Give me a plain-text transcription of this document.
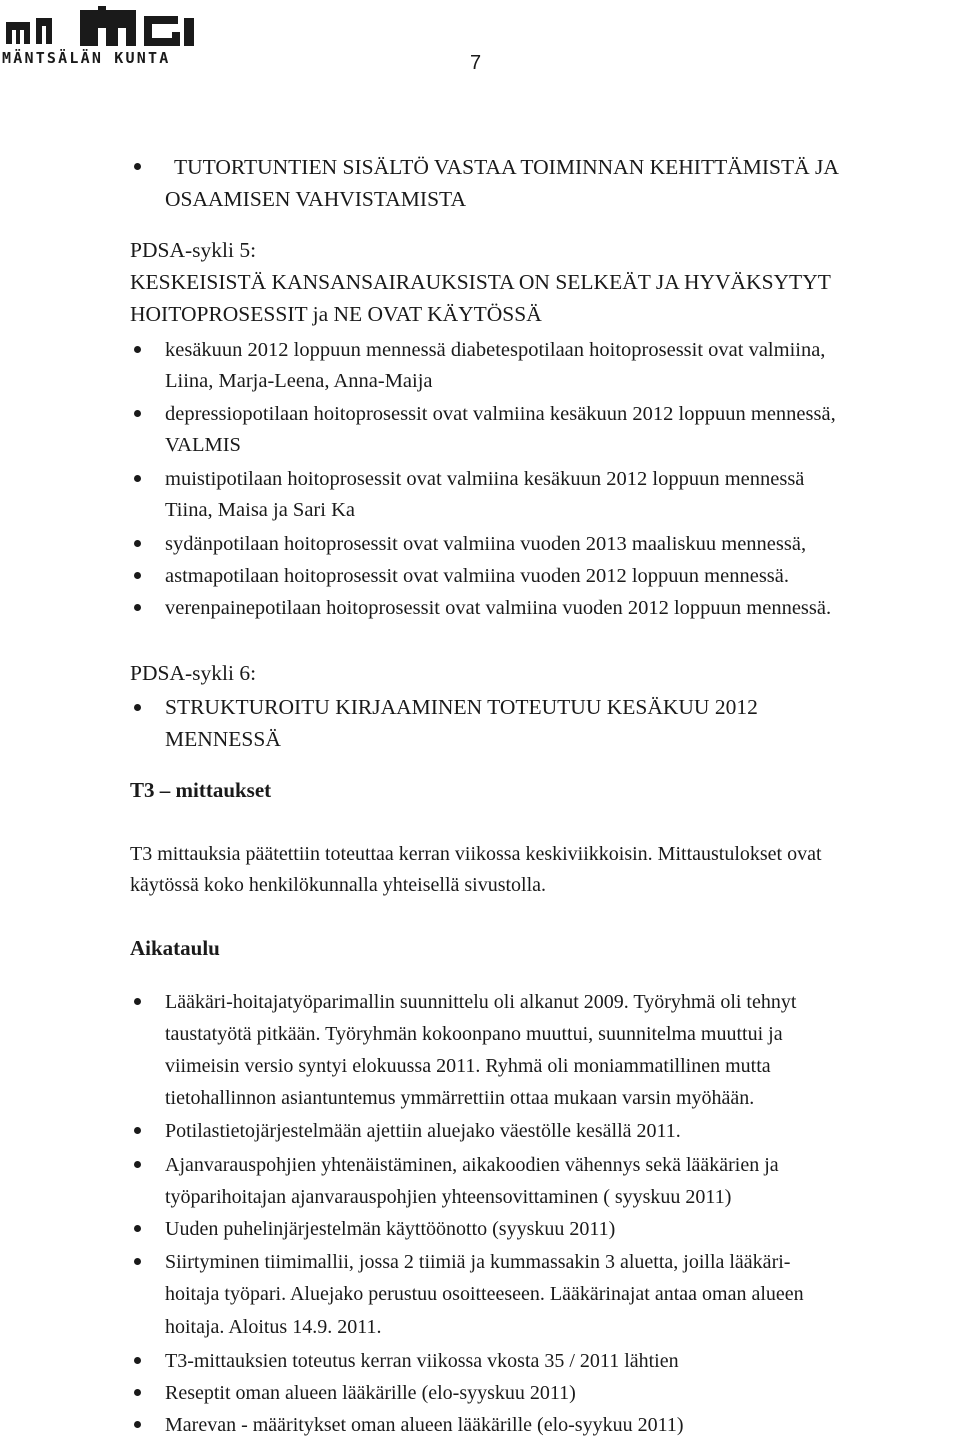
MÄNTSÄLÄN KUNTA	7
TUTORTUNTIEN SISÄLTÖ VASTAA TOIMINNAN KEHITTÄMISTÄ JA
OSAAMISEN VAHVISTAMISTA
PDSA-sykli 5:
KESKEISISTÄ KANSANSAIRAUKSISTA ON SELKEÄT JA HYVÄKSYTYT
HOITOPROSESSIT ja NE OVAT KÄYTÖSSÄ
kesäkuun 2012 loppuun mennessä diabetespotilaan hoitoprosessit ovat valmiina,
Liina, Marja-Leena, Anna-Maija
depressiopotilaan hoitoprosessit ovat valmiina kesäkuun 2012 loppuun mennessä,
VALMIS
muistipotilaan hoitoprosessit ovat valmiina kesäkuun 2012 loppuun mennessä
Tiina, Maisa ja Sari Ka
sydänpotilaan hoitoprosessit ovat valmiina vuoden 2013 maaliskuu mennessä,
astmapotilaan hoitoprosessit ovat valmiina vuoden 2012 loppuun mennessä.
verenpainepotilaan hoitoprosessit ovat valmiina vuoden 2012 loppuun mennessä.
PDSA-sykli 6:
STRUKTUROITU KIRJAAMINEN TOTEUTUU KESÄKUU 2012
MENNESSÄ
T3 – mittaukset
T3 mittauksia päätettiin toteuttaa kerran viikossa keskiviikkoisin. Mittaustulokset ovat
käytössä koko henkilökunnalla yhteisellä sivustolla.
Aikataulu
Lääkäri-hoitajatyöparimallin suunnittelu oli alkanut 2009. Työryhmä oli tehnyt
taustatyötä pitkään. Työryhmän kokoonpano muuttui, suunnitelma muuttui ja
viimeisin versio syntyi elokuussa 2011. Ryhmä oli moniammatillinen mutta
tietohallinnon asiantuntemus ymmärrettiin ottaa mukaan varsin myöhään.
Potilastietojärjestelmään ajettiin aluejako väestölle kesällä 2011.
Ajanvarauspohjien yhtenäistäminen, aikakoodien vähennys sekä lääkärien ja
työparihoitajan ajanvarauspohjien yhteensovittaminen ( syyskuu 2011)
Uuden puhelinjärjestelmän käyttöönotto (syyskuu 2011)
Siirtyminen tiimimallii, jossa 2 tiimiä ja kummassakin 3 aluetta, joilla lääkäri-
hoitaja työpari. Aluejako perustuu osoitteeseen. Lääkärinajat antaa oman alueen
hoitaja. Aloitus 14.9. 2011.
T3-mittauksien toteutus kerran viikossa vkosta 35 / 2011 lähtien
Reseptit oman alueen lääkärille (elo-syyskuu 2011)
Marevan - määritykset oman alueen lääkärille (elo-syykuu 2011)
